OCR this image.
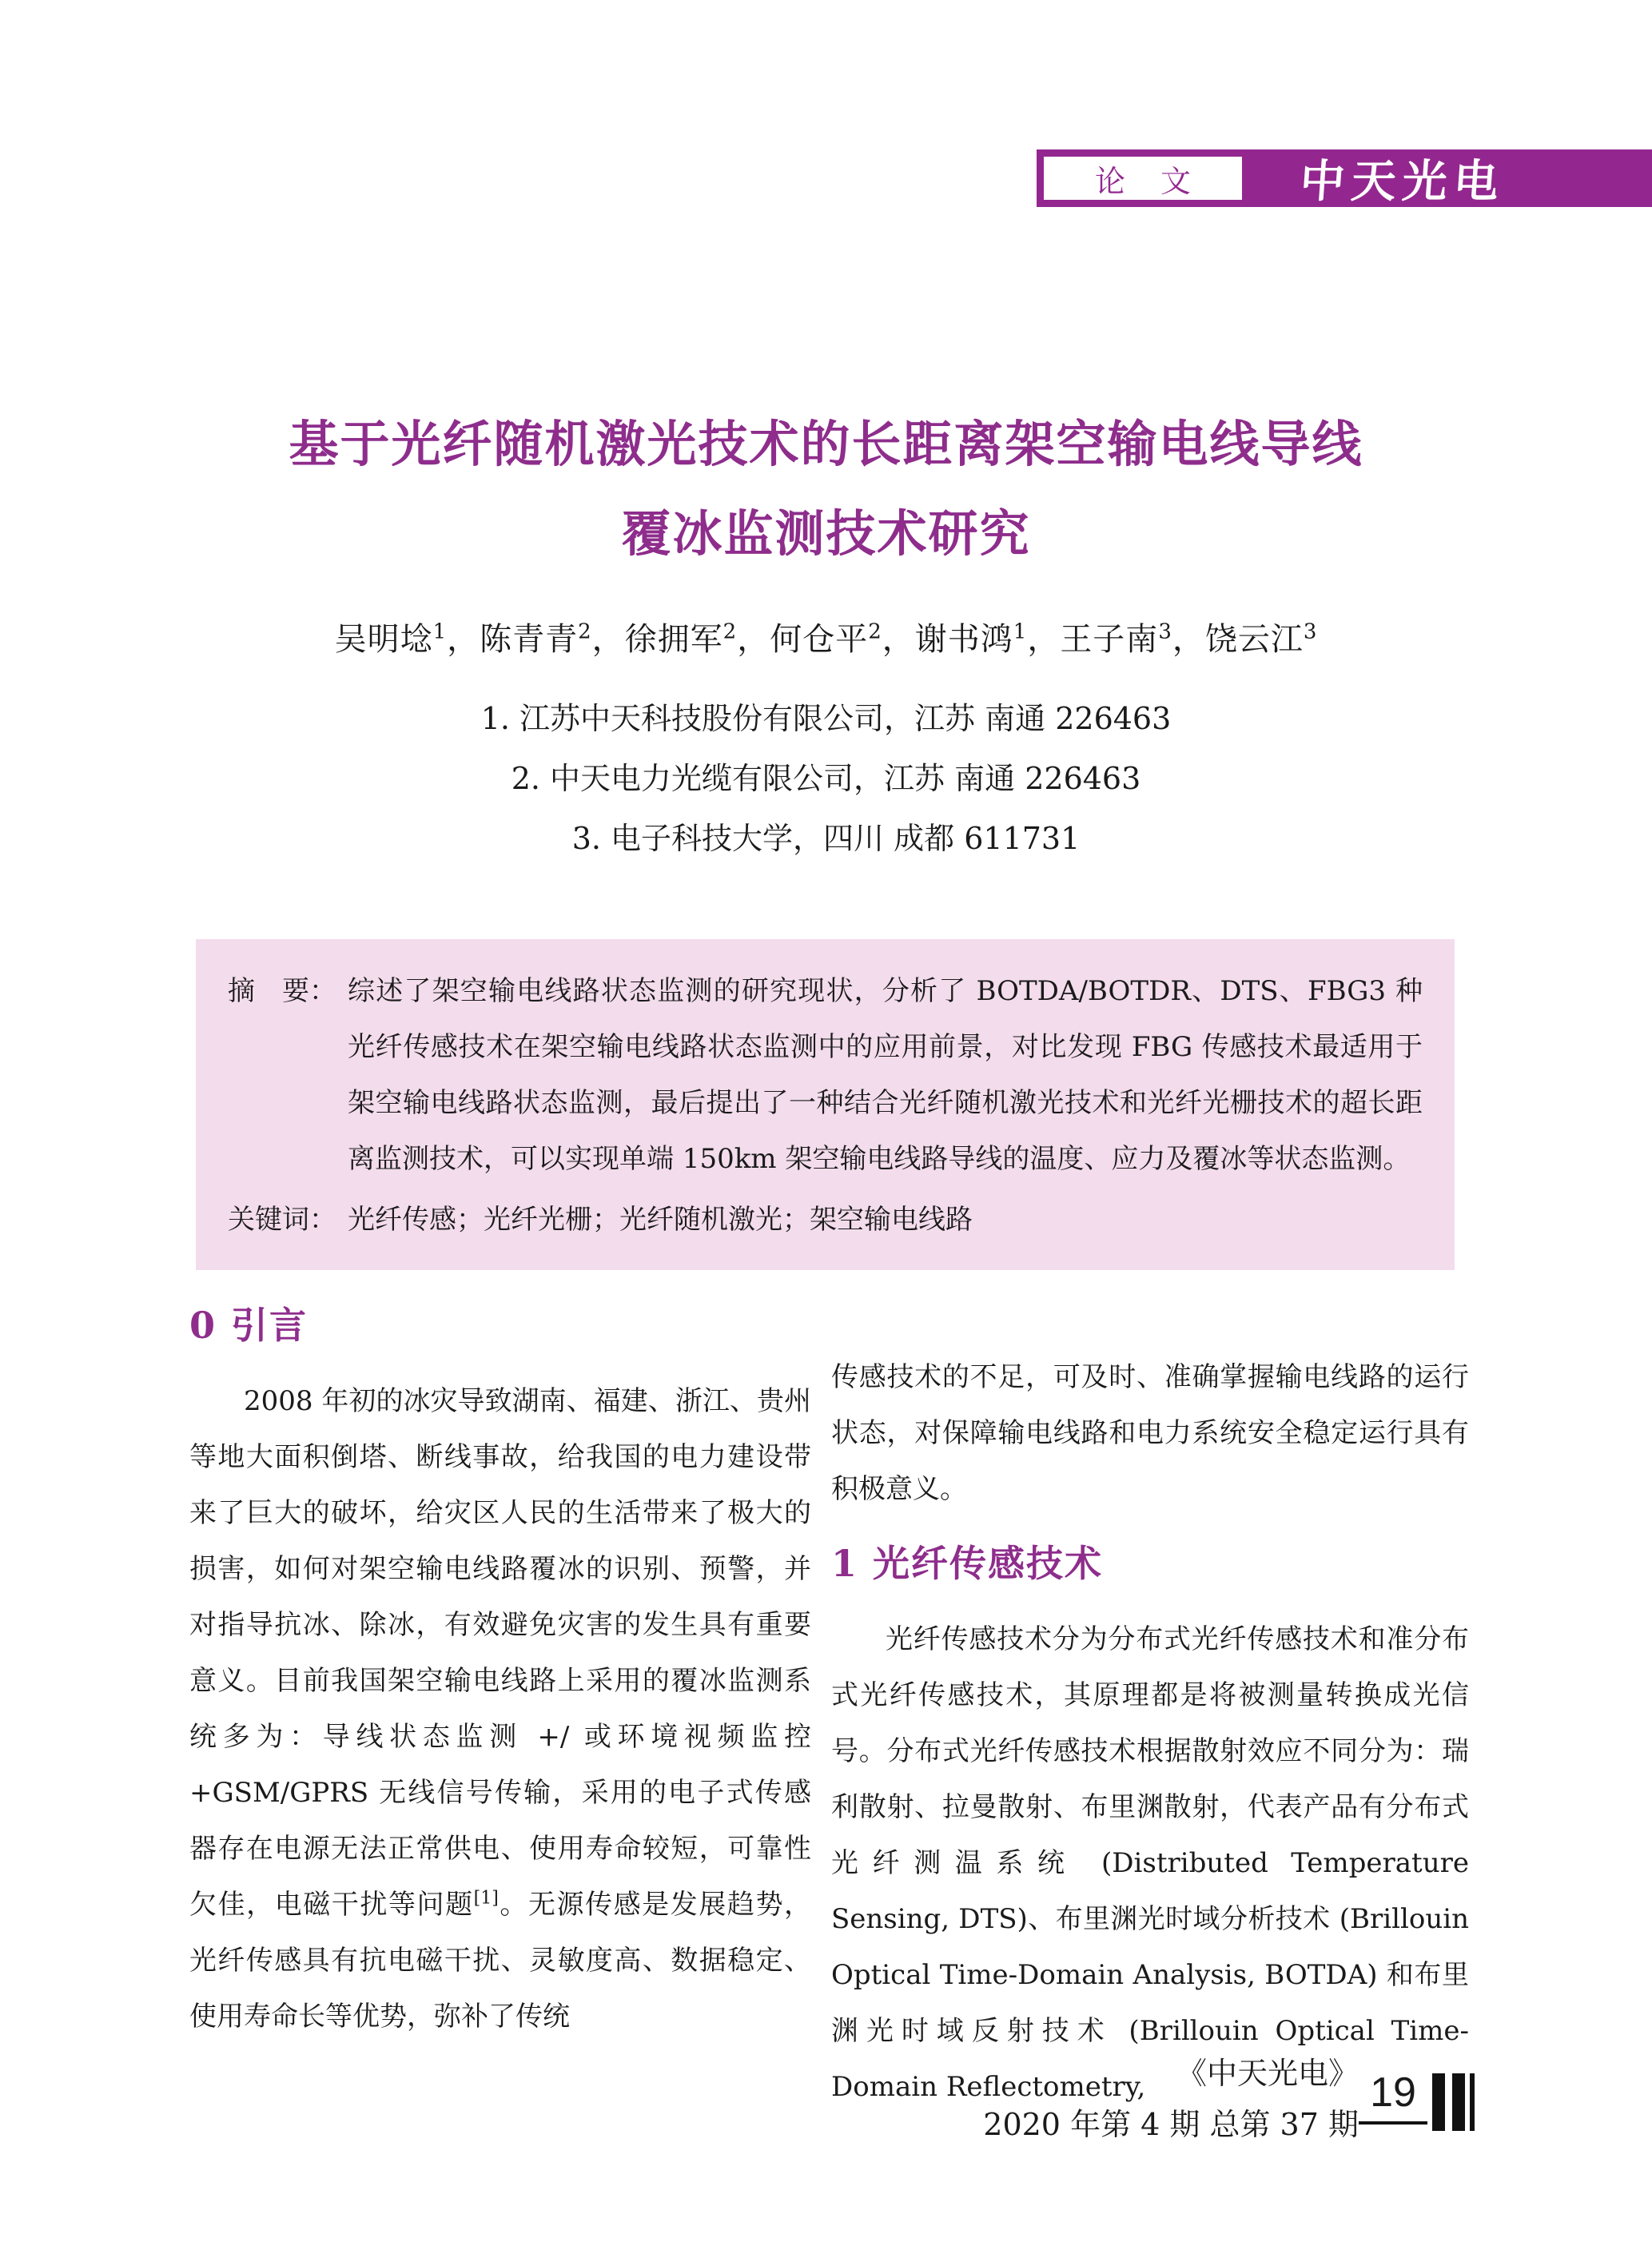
论 文 中天光电
基于光纤随机激光技术的长距离架空输电线导线
覆冰监测技术研究
吴明埝$^1$，陈青青$^2$，徐拥军$^2$，何仓平$^2$，谢书鸿$^1$，王子南$^3$，饶云江$^3$
1. 江苏中天科技股份有限公司，江苏 南通 226463
2. 中天电力光缆有限公司，江苏 南通 226463
3. 电子科技大学，四川 成都 611731
摘　要： 综述了架空输电线路状态监测的研究现状，分析了 BOTDA/BOTDR、DTS、FBG3 种光纤传感技术在架空输电线路状态监测中的应用前景，对比发现 FBG 传感技术最适用于架空输电线路状态监测，最后提出了一种结合光纤随机激光技术和光纤光栅技术的超长距离监测技术，可以实现单端 150km 架空输电线路导线的温度、应力及覆冰等状态监测。
关键词： 光纤传感；光纤光栅；光纤随机激光；架空输电线路
0 引言

2008 年初的冰灾导致湖南、福建、浙江、贵州等地大面积倒塔、断线事故，给我国的电力建设带来了巨大的破坏，给灾区人民的生活带来了极大的损害，如何对架空输电线路覆冰的识别、预警，并对指导抗冰、除冰，有效避免灾害的发生具有重要意义。目前我国架空输电线路上采用的覆冰监测系统多为：导线状态监测 +/ 或环境视频监控 +GSM/GPRS 无线信号传输，采用的电子式传感器存在电源无法正常供电、使用寿命较短，可靠性欠佳，电磁干扰等问题[1]。无源传感是发展趋势，光纤传感具有抗电磁干扰、灵敏度高、数据稳定、使用寿命长等优势，弥补了传统

传感技术的不足，可及时、准确掌握输电线路的运行状态，对保障输电线路和电力系统安全稳定运行具有积极意义。

1 光纤传感技术

光纤传感技术分为分布式光纤传感技术和准分布式光纤传感技术，其原理都是将被测量转换成光信号。分布式光纤传感技术根据散射效应不同分为：瑞利散射、拉曼散射、布里渊散射，代表产品有分布式光纤测温系统 (Distributed Temperature Sensing, DTS)、布里渊光时域分析技术 (Brillouin Optical Time-Domain Analysis, BOTDA) 和布里渊光时域反射技术 (Brillouin Optical Time-Domain Reflectometry,	《中天光电》
2020 年第 4 期 总第 37 期
19
